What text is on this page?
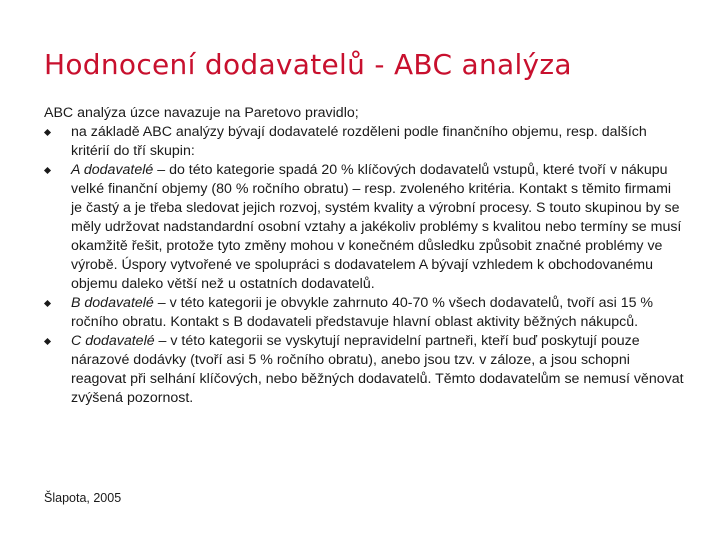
Hodnocení dodavatelů - ABC analýza

ABC analýza úzce navazuje na Paretovo pravidlo;

na základě ABC analýzy bývají dodavatelé rozděleni podle finančního objemu, resp. dalších kritérií do tří skupin:
A dodavatelé – do této kategorie spadá 20 % klíčových dodavatelů vstupů, které tvoří v nákupu velké finanční objemy (80 % ročního obratu) – resp. zvoleného kritéria. Kontakt s těmito firmami je častý a je třeba sledovat jejich rozvoj, systém kvality a výrobní procesy. S touto skupinou by se měly udržovat nadstandardní osobní vztahy a jakékoliv problémy s kvalitou nebo termíny se musí okamžitě řešit, protože tyto změny mohou v konečném důsledku způsobit značné problémy ve výrobě. Úspory vytvořené ve spolupráci s dodavatelem A bývají vzhledem k obchodovanému objemu daleko větší než u ostatních dodavatelů.
B dodavatelé – v této kategorii je obvykle zahrnuto 40-70 % všech dodavatelů, tvoří asi 15 % ročního obratu. Kontakt s B dodavateli představuje hlavní oblast aktivity běžných nákupců.
C dodavatelé – v této kategorii se vyskytují nepravidelní partneři, kteří buď poskytují pouze nárazové dodávky (tvoří asi 5 % ročního obratu), anebo jsou tzv. v záloze, a jsou schopni reagovat při selhání klíčových, nebo běžných dodavatelů. Těmto dodavatelům se nemusí věnovat zvýšená pozornost.
Šlapota, 2005
